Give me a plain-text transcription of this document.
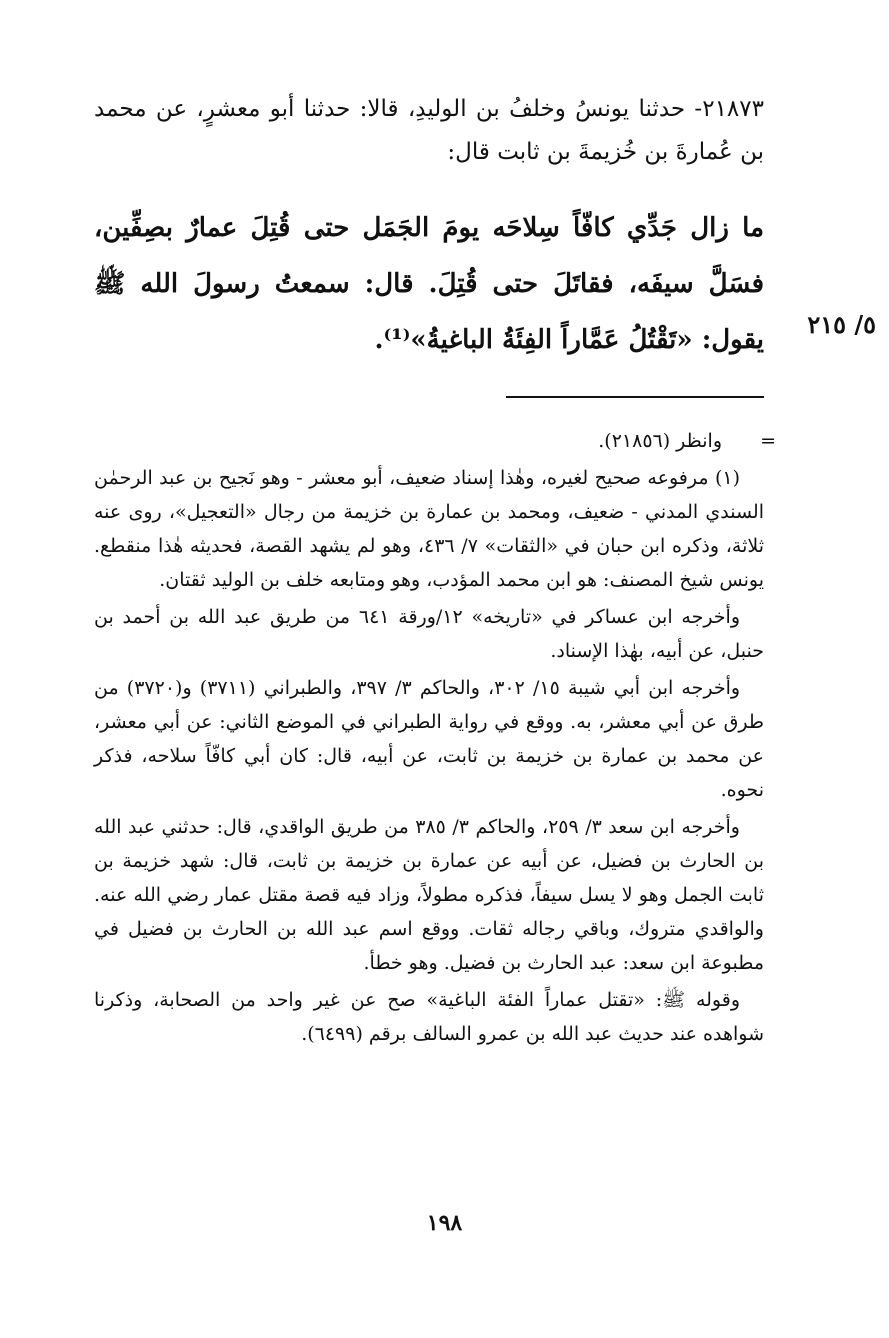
٢١٨٧٣- حدثنا يونسُ وخلفُ بن الوليدِ، قالا: حدثنا أبو معشرٍ، عن محمد بن عُمارةَ بن خُزيمةَ بن ثابت قال:
ما زال جَدِّي كافّاً سِلاحَه يومَ الجَمَل حتى قُتِلَ عمارٌ بصِفِّين، فسَلَّ سيفَه، فقاتَلَ حتى قُتِلَ. قال: سمعتُ رسولَ الله ﷺ يقول: «تَقْتُلُ عَمَّاراً الفِئَةُ الباغيةُ»⁽¹⁾.
٥/ ٢١٥
=

وانظر (٢١٨٥٦).

(١) مرفوعه صحيح لغيره، وهٰذا إسناد ضعيف، أبو معشر - وهو نَجيح بن عبد الرحمٰن السندي المدني - ضعيف، ومحمد بن عمارة بن خزيمة من رجال «التعجيل»، روى عنه ثلاثة، وذكره ابن حبان في «الثقات» ٧/ ٤٣٦، وهو لم يشهد القصة، فحديثه هٰذا منقطع. يونس شيخ المصنف: هو ابن محمد المؤدب، وهو ومتابعه خلف بن الوليد ثقتان.

وأخرجه ابن عساكر في «تاريخه» ١٢/ورقة ٦٤١ من طريق عبد الله بن أحمد بن حنبل، عن أبيه، بهٰذا الإسناد.

وأخرجه ابن أبي شيبة ١٥/ ٣٠٢، والحاكم ٣/ ٣٩٧، والطبراني (٣٧١١) و(٣٧٢٠) من طرق عن أبي معشر، به. ووقع في رواية الطبراني في الموضع الثاني: عن أبي معشر، عن محمد بن عمارة بن خزيمة بن ثابت، عن أبيه، قال: كان أبي كافّاً سلاحه، فذكر نحوه.

وأخرجه ابن سعد ٣/ ٢٥٩، والحاكم ٣/ ٣٨٥ من طريق الواقدي، قال: حدثني عبد الله بن الحارث بن فضيل، عن أبيه عن عمارة بن خزيمة بن ثابت، قال: شهد خزيمة بن ثابت الجمل وهو لا يسل سيفاً، فذكره مطولاً، وزاد فيه قصة مقتل عمار رضي الله عنه. والواقدي متروك، وباقي رجاله ثقات. ووقع اسم عبد الله بن الحارث بن فضيل في مطبوعة ابن سعد: عبد الحارث بن فضيل. وهو خطأ.

وقوله ﷺ: «تقتل عماراً الفئة الباغية» صح عن غير واحد من الصحابة، وذكرنا شواهده عند حديث عبد الله بن عمرو السالف برقم (٦٤٩٩).

١٩٨
